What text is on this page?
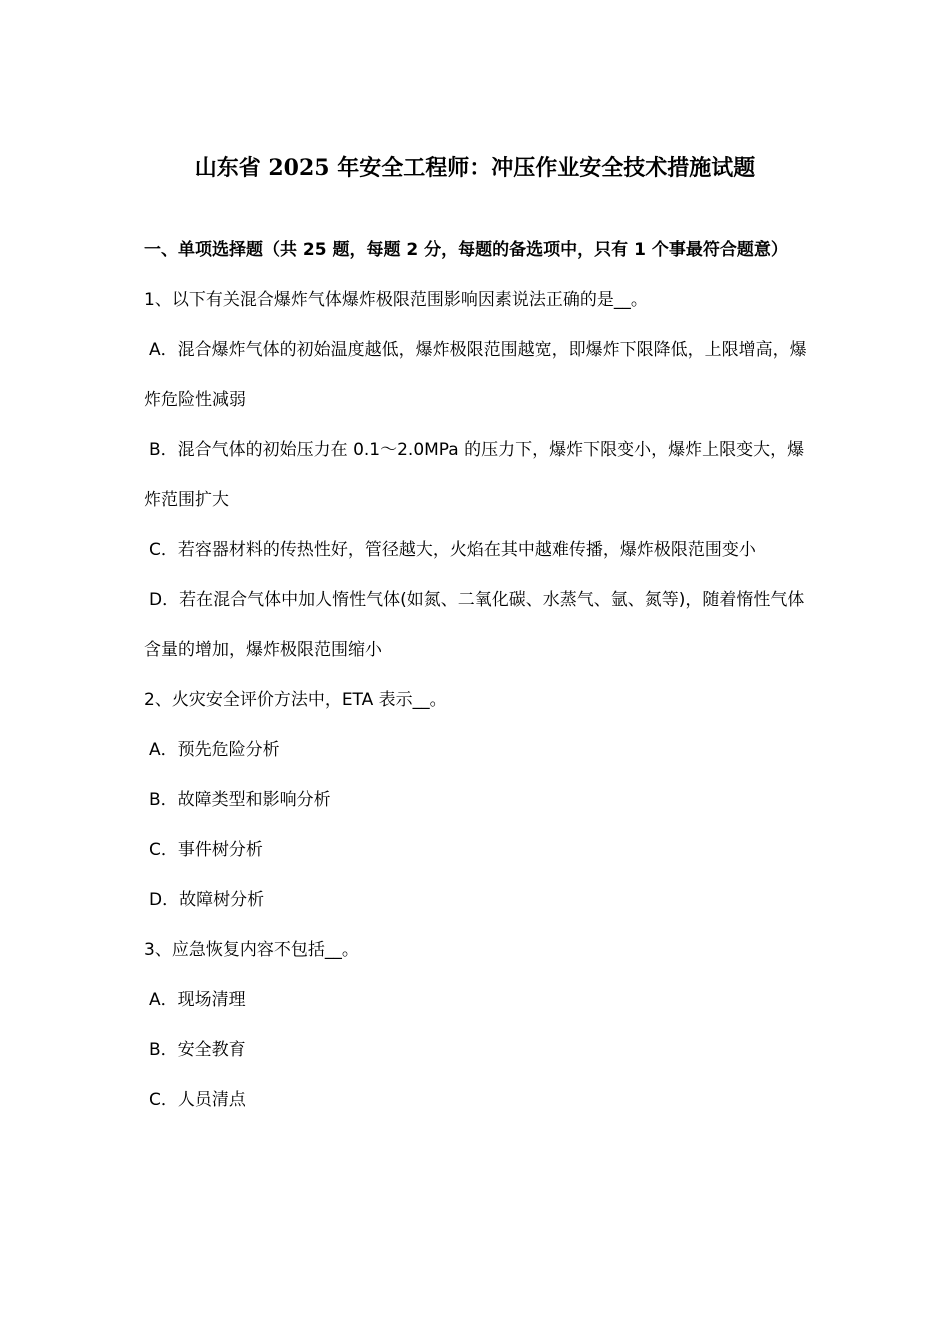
山东省 2025 年安全工程师：冲压作业安全技术措施试题

一、单项选择题（共 25 题，每题 2 分，每题的备选项中，只有 1 个事最符合题意）

1、以下有关混合爆炸气体爆炸极限范围影响因素说法正确的是__。

A．混合爆炸气体的初始温度越低，爆炸极限范围越宽，即爆炸下限降低，上限增高，爆炸危险性减弱

B．混合气体的初始压力在 0.1～2.0MPa 的压力下，爆炸下限变小，爆炸上限变大，爆炸范围扩大

C．若容器材料的传热性好，管径越大，火焰在其中越难传播，爆炸极限范围变小

D．若在混合气体中加人惰性气体(如氮、二氧化碳、水蒸气、氩、氮等)，随着惰性气体含量的增加，爆炸极限范围缩小

2、火灾安全评价方法中，ETA 表示__。

A．预先危险分析

B．故障类型和影响分析

C．事件树分析

D．故障树分析

3、应急恢复内容不包括__。

A．现场清理

B．安全教育

C．人员清点
